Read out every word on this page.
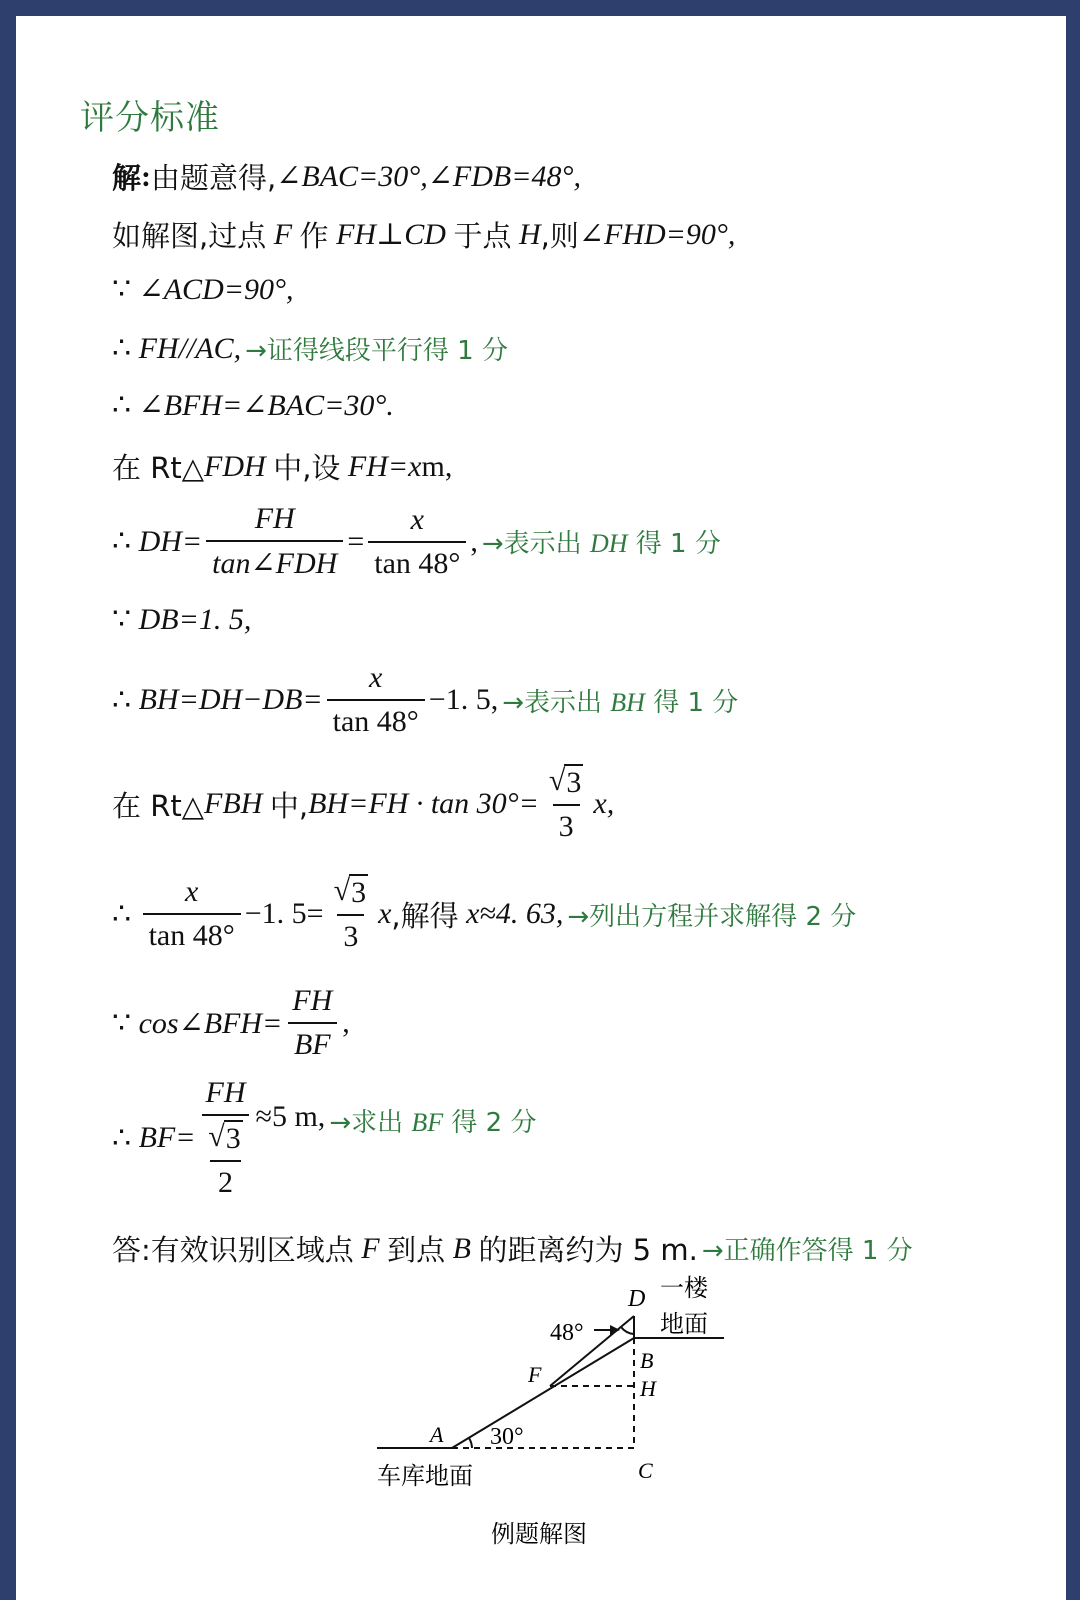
评分标准
解 : 由题意得, ∠BAC=30°,∠FDB=48°,
如解图,过点
F
作
FH⊥CD
于点
H ,则 ∠FHD=90°,
∵
∠ACD=90°,
∴
FH//AC, →证得线段平行得 1 分
∴
∠BFH=∠BAC=30°.
在 Rt△ FDH
中,设
FH=x m,
∴
$DH= \frac{FH}{\text{tan∠FDH}} = \frac{x}{\tan 48^\circ}$ , →表示出 DH 得 1 分
∵
DB=1. 5,
∴
$BH=DH-DB= \frac{x}{\tan 48^\circ} -1$. 5, →表示出 BH 得 1 分
在 Rt△ FBH
中, $BH=FH \cdot \tan 30^\circ= \frac{√ 3}{3} x$,
∴
$\frac{x}{\tan 48^\circ} -1$. $5= \frac{√ 3}{3}$ x ,解得
x≈4. 63, →列出方程并求解得 2 分
∵
cos∠BFH= $\frac{FH}{BF}$ ,
∴
BF= FH
√ 3
2 ≈5 m, →求出 BF 得 2 分
答:有效识别区域点
F
到点
B
的距离约为 5 m. →正确作答得 1 分
D 一楼
地面
48°
B
H
F
A 30°
C
车库地面
例题解图
